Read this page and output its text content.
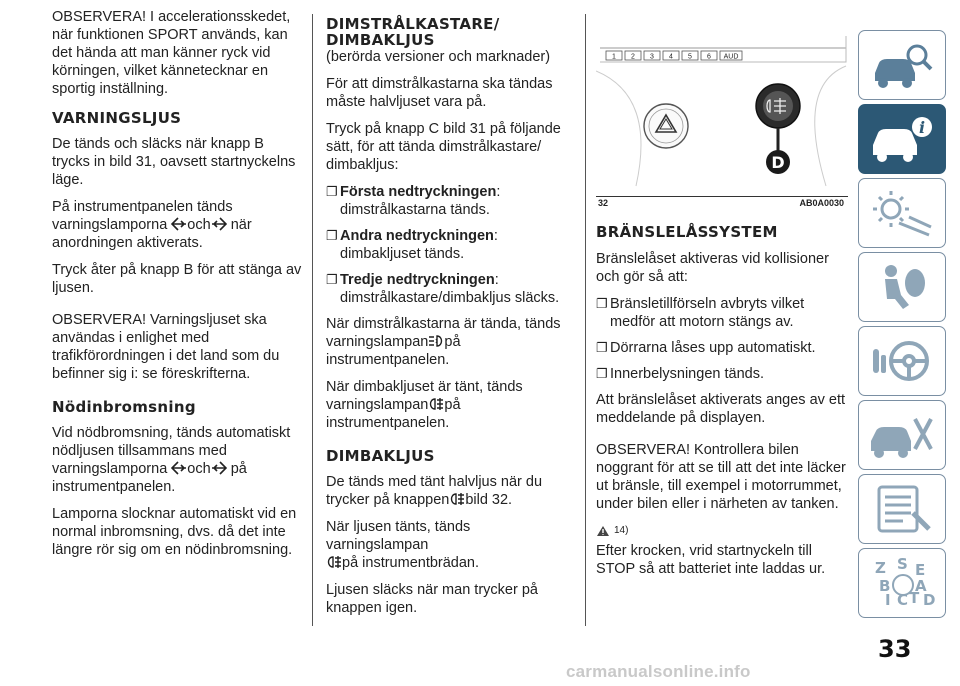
OBSERVERA! I accelerationsskedet, när funktionen SPORT används, kan det hända att man känner ryck vid körningen, vilket kännetecknar en sportig inställning.

VARNINGSLJUS

De tänds och släcks när knapp B trycks in bild 31, oavsett startnyckelns läge.

På instrumentpanelen tänds varningslamporna och när anordningen aktiverats.

Tryck åter på knapp B för att stänga av ljusen.

OBSERVERA! Varningsljuset ska användas i enlighet med trafikförordningen i det land som du befinner sig i: se föreskrifterna.

Nödinbromsning

Vid nödbromsning, tänds automatiskt nödljusen tillsammans med varningslamporna och på instrumentpanelen.

Lamporna slocknar automatiskt vid en normal inbromsning, dvs. då det inte längre rör sig om en nödinbromsning.

DIMSTRÅLKASTARE/
DIMBAKLJUS

(berörda versioner och marknader)

För att dimstrålkastarna ska tändas måste halvljuset vara på.

Tryck på knapp C bild 31 på följande sätt, för att tända dimstrålkastare/ dimbakljus:

❐ Första nedtryckningen:
dimstrålkastarna tänds.
❐ Andra nedtryckningen:
dimbakljuset tänds.
❐ Tredje nedtryckningen:
dimstrålkastare/dimbakljus släcks.

När dimstrålkastarna är tända, tänds varningslampan på instrumentpanelen.

När dimbakljuset är tänt, tänds varningslampan på instrumentpanelen.

DIMBAKLJUS

De tänds med tänt halvljus när du trycker på knappen bild 32.

När ljusen tänts, tänds varningslampan

på instrumentbrädan.

Ljusen släcks när man trycker på knappen igen.

1 2 3 4 5 6 AUD
D
32	AB0A0030
BRÄNSLELÅSSYSTEM

Bränslelåset aktiveras vid kollisioner och gör så att:

❐ Bränsletillförseln avbryts vilket medför att motorn stängs av.
❐ Dörrarna låses upp automatiskt.
❐ Innerbelysningen tänds.

Att bränslelåset aktiverats anges av ett meddelande på displayen.

OBSERVERA! Kontrollera bilen noggrant för att se till att det inte läcker ut bränsle, till exempel i motorrummet, under bilen eller i närheten av tanken.

14)

Efter krocken, vrid startnyckeln till STOP så att batteriet inte laddas ur.

i
Z S E
B A
I C T D
33
carmanualsonline.info
